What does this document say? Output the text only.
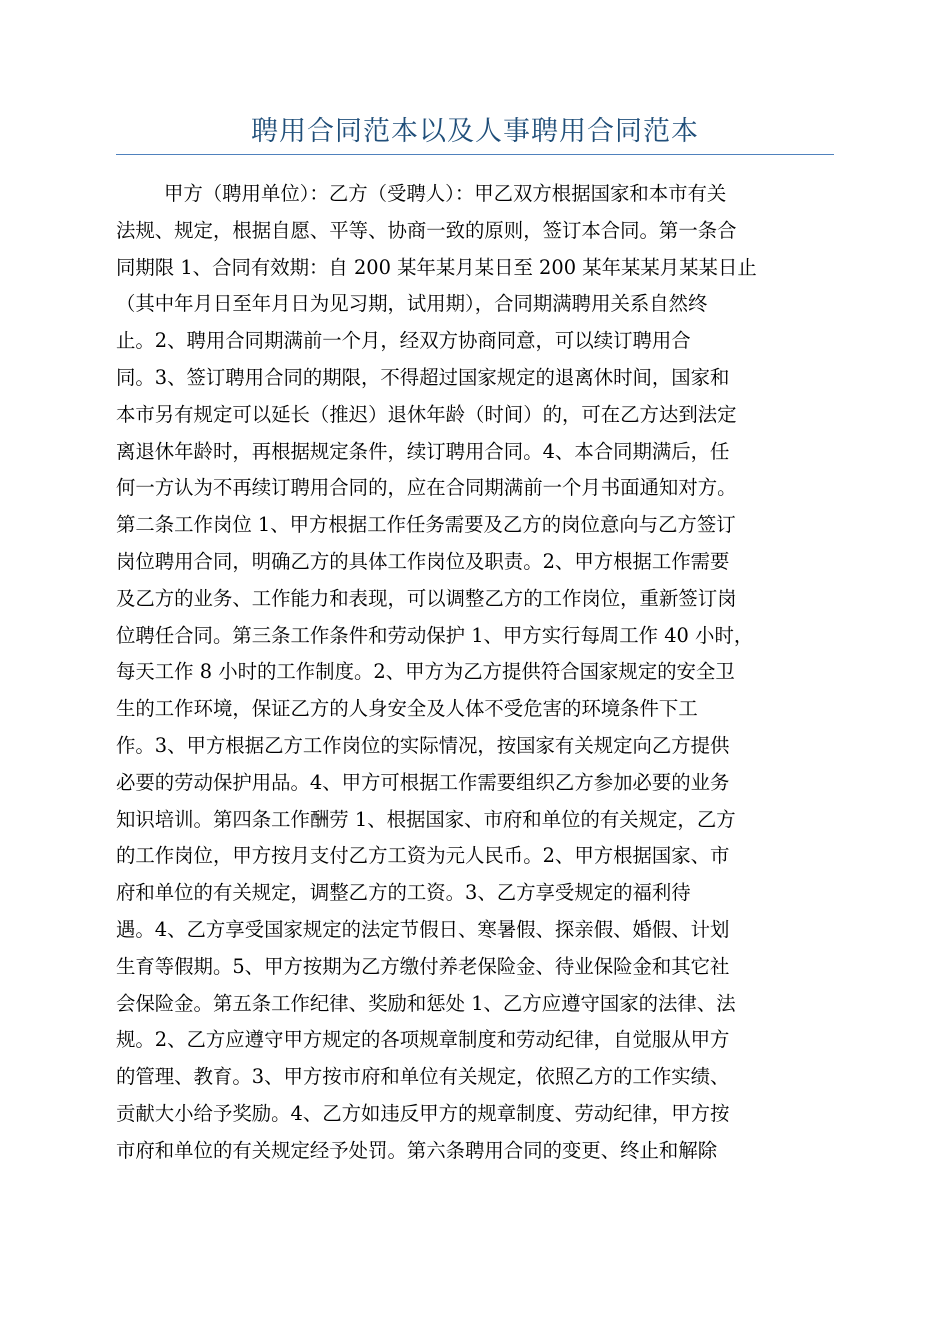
聘用合同范本以及人事聘用合同范本
甲方（聘用单位）：乙方（受聘人）：甲乙双方根据国家和本市有关
法规、规定，根据自愿、平等、协商一致的原则，签订本合同。第一条合
同期限 1、合同有效期：自 200 某年某月某日至 200 某年某某月某某日止
（其中年月日至年月日为见习期，试用期），合同期满聘用关系自然终
止。2、聘用合同期满前一个月，经双方协商同意，可以续订聘用合
同。3、签订聘用合同的期限，不得超过国家规定的退离休时间，国家和
本市另有规定可以延长（推迟）退休年龄（时间）的，可在乙方达到法定
离退休年龄时，再根据规定条件，续订聘用合同。4、本合同期满后，任
何一方认为不再续订聘用合同的，应在合同期满前一个月书面通知对方。
第二条工作岗位 1、甲方根据工作任务需要及乙方的岗位意向与乙方签订
岗位聘用合同，明确乙方的具体工作岗位及职责。2、甲方根据工作需要
及乙方的业务、工作能力和表现，可以调整乙方的工作岗位，重新签订岗
位聘任合同。第三条工作条件和劳动保护 1、甲方实行每周工作 40 小时，
每天工作 8 小时的工作制度。2、甲方为乙方提供符合国家规定的安全卫
生的工作环境，保证乙方的人身安全及人体不受危害的环境条件下工
作。3、甲方根据乙方工作岗位的实际情况，按国家有关规定向乙方提供
必要的劳动保护用品。4、甲方可根据工作需要组织乙方参加必要的业务
知识培训。第四条工作酬劳 1、根据国家、市府和单位的有关规定，乙方
的工作岗位，甲方按月支付乙方工资为元人民币。2、甲方根据国家、市
府和单位的有关规定，调整乙方的工资。3、乙方享受规定的福利待
遇。4、乙方享受国家规定的法定节假日、寒暑假、探亲假、婚假、计划
生育等假期。5、甲方按期为乙方缴付养老保险金、待业保险金和其它社
会保险金。第五条工作纪律、奖励和惩处 1、乙方应遵守国家的法律、法
规。2、乙方应遵守甲方规定的各项规章制度和劳动纪律，自觉服从甲方
的管理、教育。3、甲方按市府和单位有关规定，依照乙方的工作实绩、
贡献大小给予奖励。4、乙方如违反甲方的规章制度、劳动纪律，甲方按
市府和单位的有关规定经予处罚。第六条聘用合同的变更、终止和解除
